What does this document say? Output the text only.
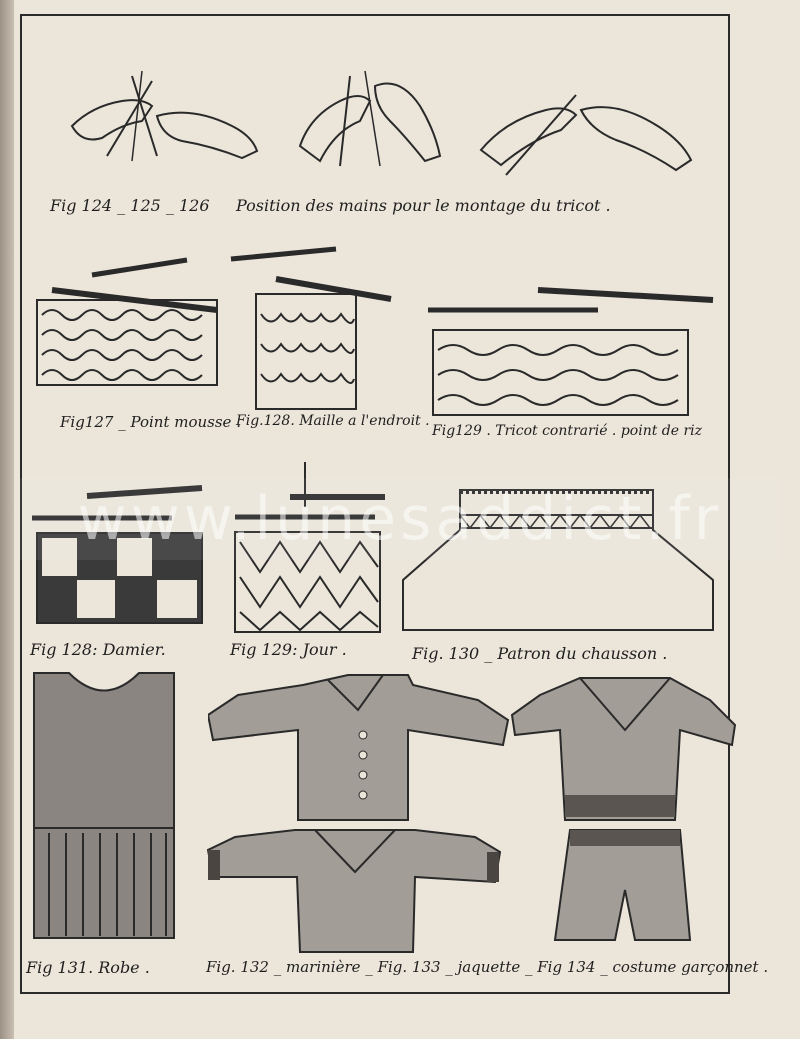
Fig 124 _ 125 _ 126 Position des mains pour le montage du tricot .
Fig127 _ Point mousse .
Fig.128. Maille a l'endroit .
Fig129 . Tricot contrarié . point de riz
Fig 128: Damier.	Fig 129: Jour .	Fig. 130 _ Patron du chausson .
Fig 131. Robe .	Fig. 132 _ marinière _ Fig. 133 _ jaquette _ Fig 134 _ costume garçonnet .
www.lunesaddict.fr
